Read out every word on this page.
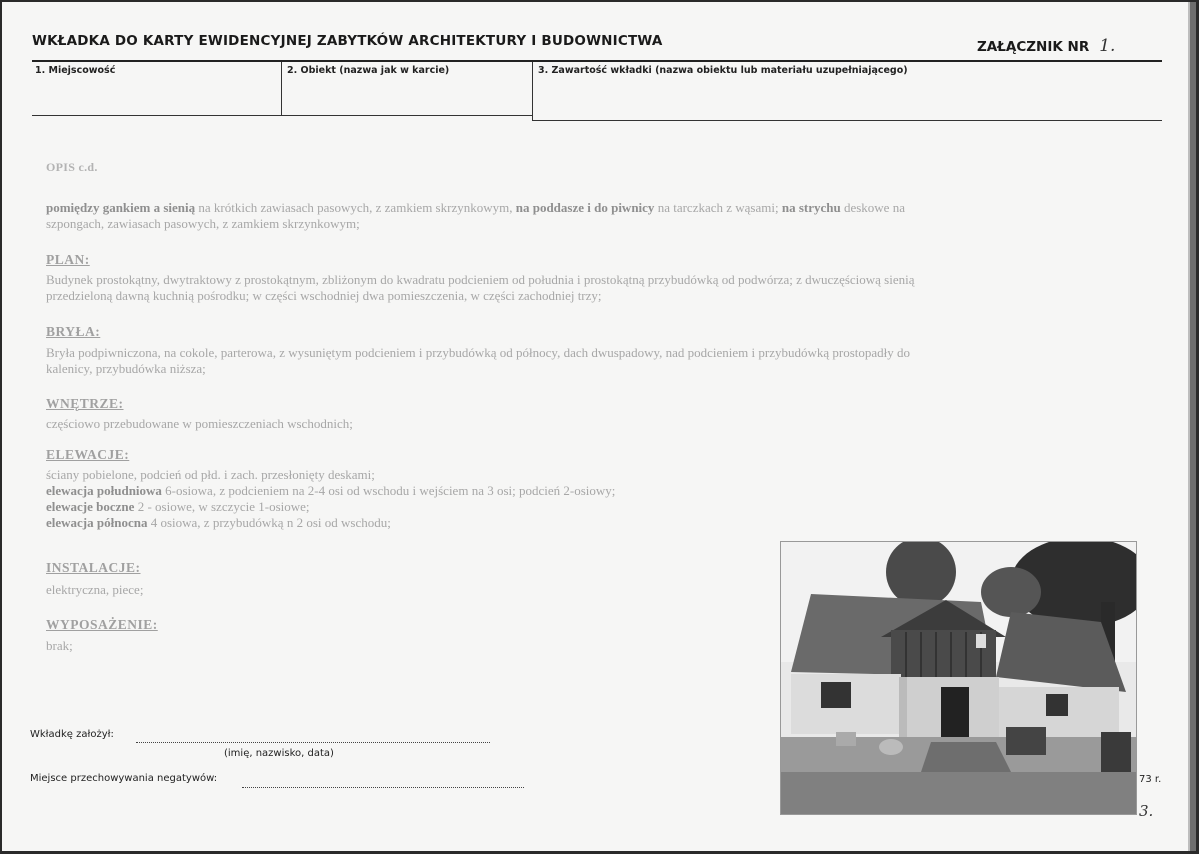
WKŁADKA DO KARTY EWIDENCYJNEJ ZABYTKÓW ARCHITEKTURY I BUDOWNICTWA	ZAŁĄCZNIK NR 1.
1. Miejscowość	2. Obiekt (nazwa jak w karcie)	3. Zawartość wkładki (nazwa obiektu lub materiału uzupełniającego)
OPIS c.d.
pomiędzy gankiem a sienią na krótkich zawiasach pasowych, z zamkiem skrzynkowym, na poddasze i do piwnicy na tarczkach z wąsami; na strychu deskowe na
szpongach, zawiasach pasowych, z zamkiem skrzynkowym;
PLAN:
Budynek prostokątny, dwytraktowy z prostokątnym, zbliżonym do kwadratu podcieniem od południa i prostokątną przybudówką od podwórza; z dwuczęściową sienią
przedzieloną dawną kuchnią pośrodku; w części wschodniej dwa pomieszczenia, w części zachodniej trzy;
BRYŁA:
Bryła podpiwniczona, na cokole, parterowa, z wysuniętym podcieniem i przybudówką od północy, dach dwuspadowy, nad podcieniem i przybudówką prostopadły do
kalenicy, przybudówka niższa;
WNĘTRZE:
częściowo przebudowane w pomieszczeniach wschodnich;
ELEWACJE:
ściany pobielone, podcień od płd. i zach. przesłonięty deskami;
elewacja południowa 6-osiowa, z podcieniem na 2-4 osi od wschodu i wejściem na 3 osi; podcień 2-osiowy;
elewacje boczne 2 - osiowe, w szczycie 1-osiowe;
elewacja północna 4 osiowa, z przybudówką n 2 osi od wschodu;
INSTALACJE:
elektryczna, piece;
WYPOSAŻENIE:
brak;
Wkładkę założył:
(imię, nazwisko, data)
Miejsce przechowywania negatywów:	73 r.
3.
